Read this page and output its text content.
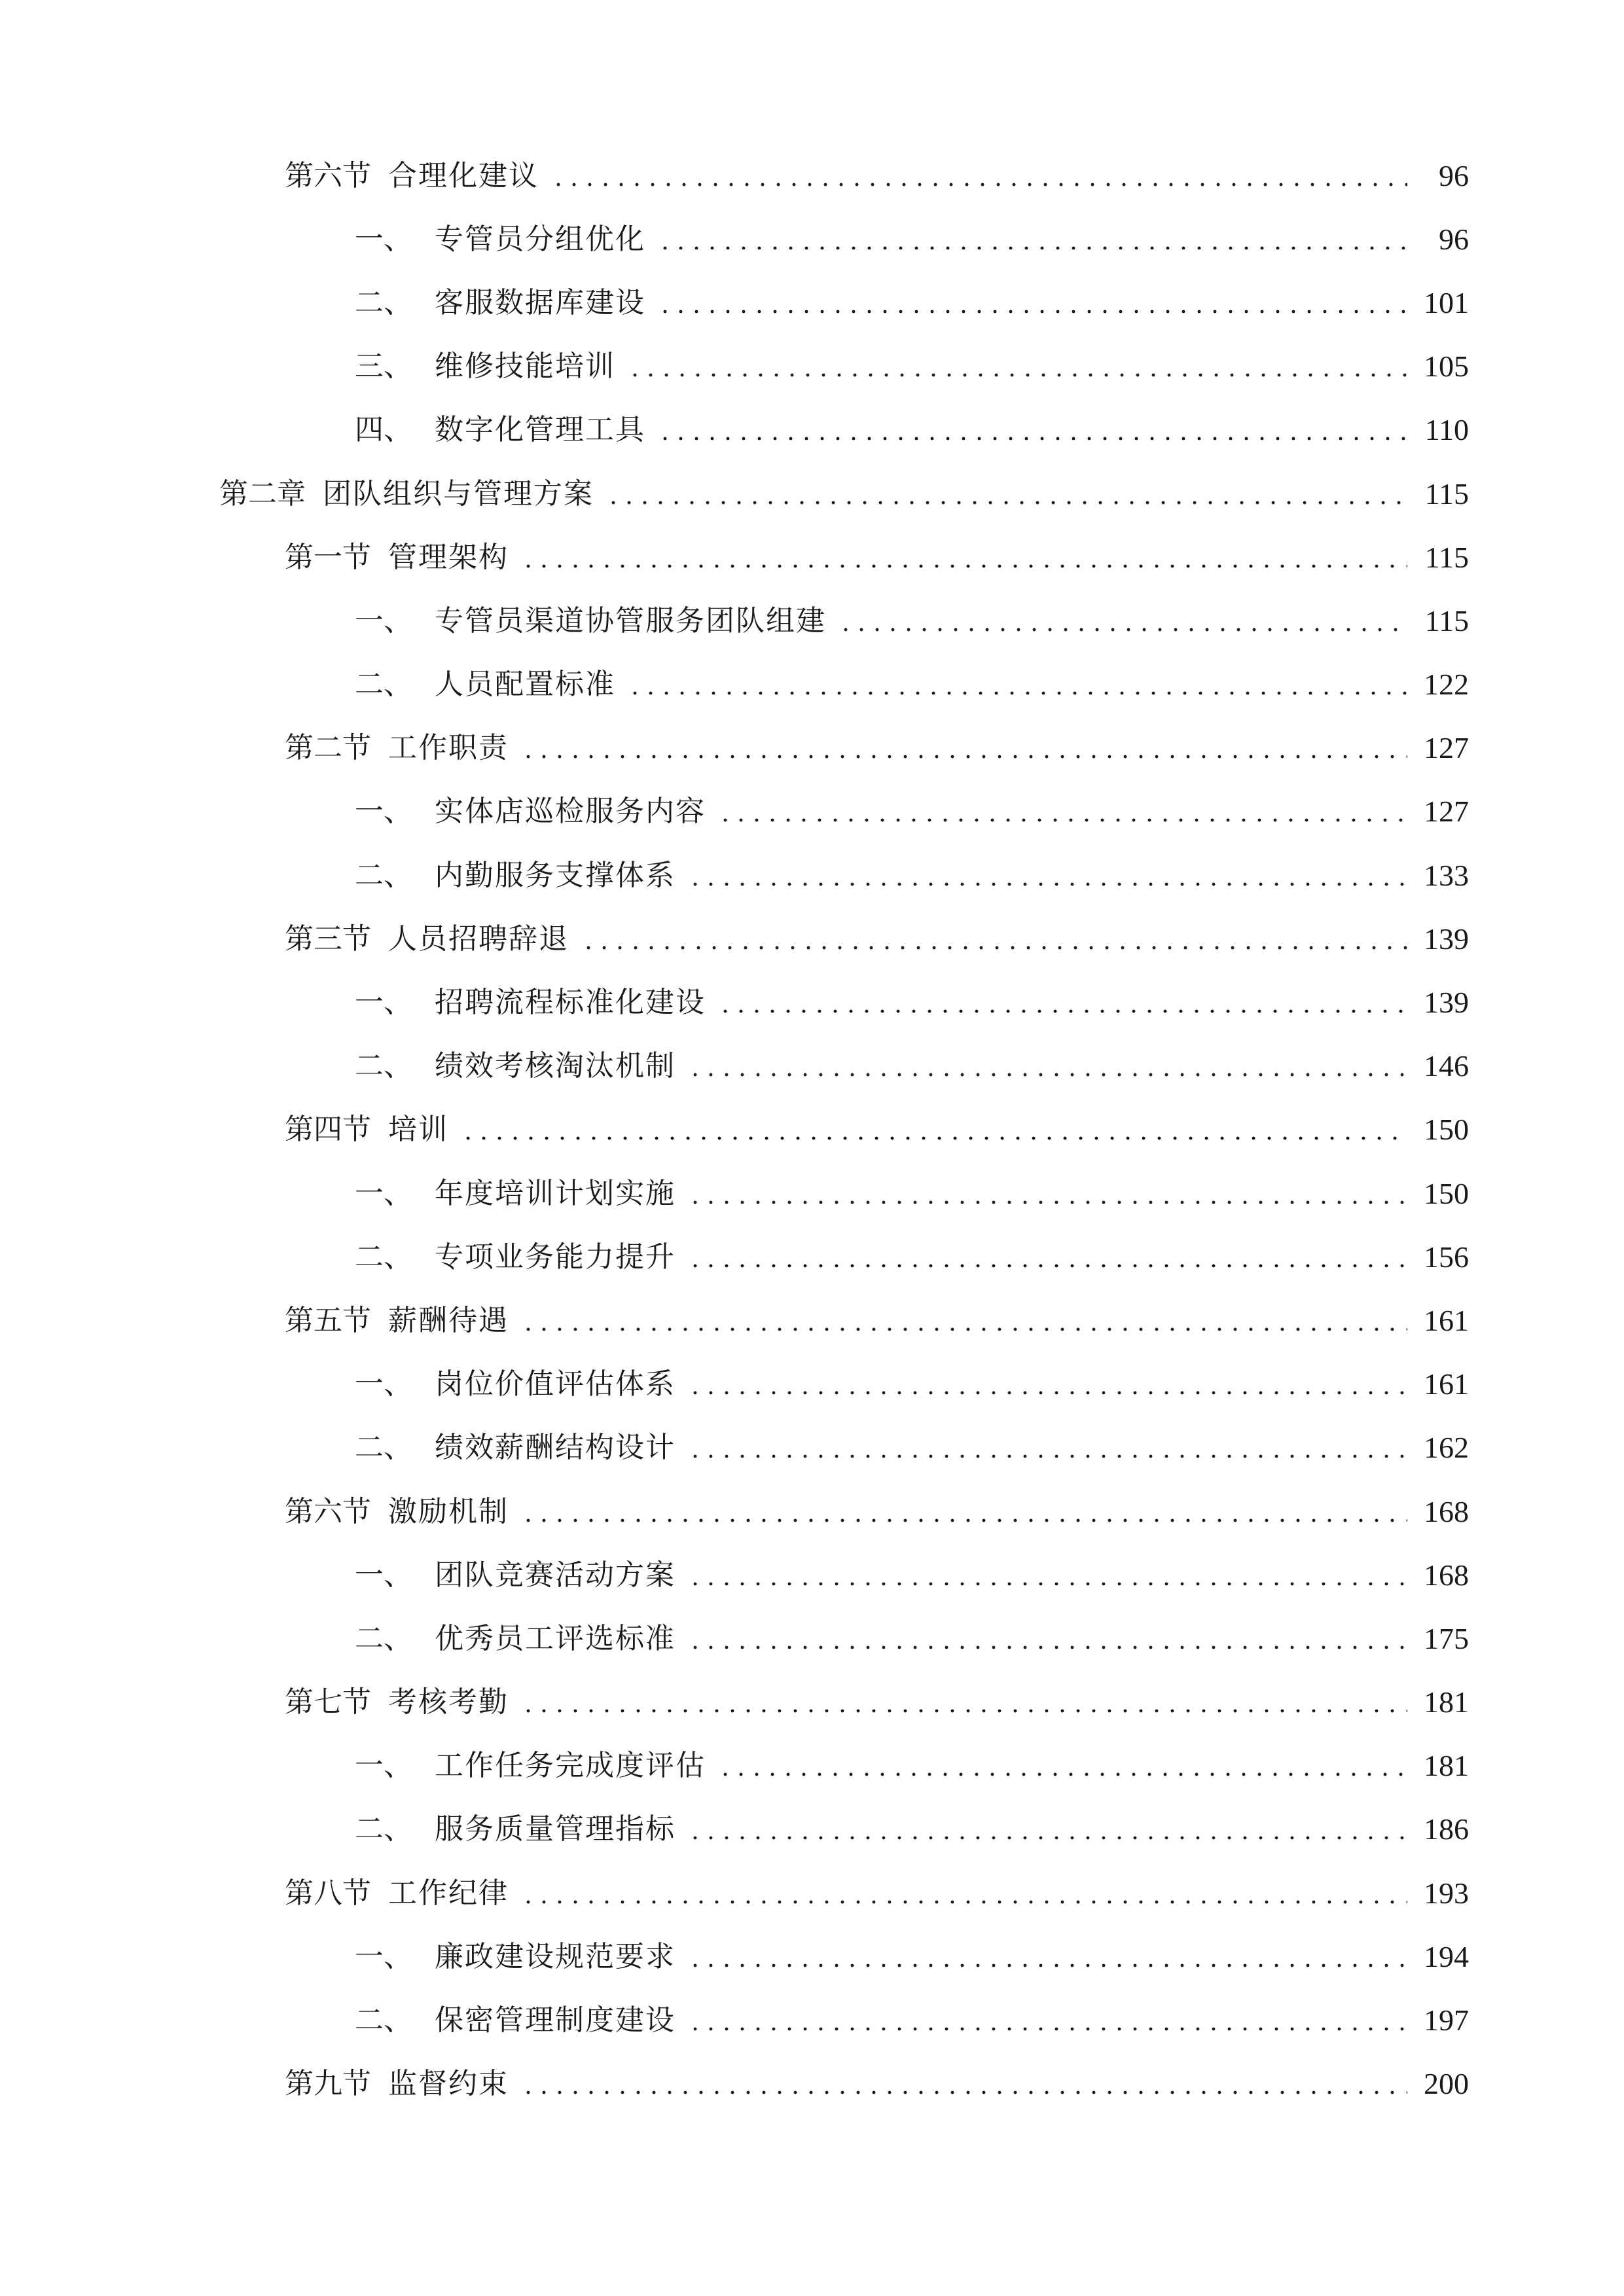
第六节 合理化建议	96
一、 专管员分组优化	96
二、 客服数据库建设	101
三、 维修技能培训	105
四、 数字化管理工具	110
第二章 团队组织与管理方案	115
第一节 管理架构	115
一、 专管员渠道协管服务团队组建	115
二、 人员配置标准	122
第二节 工作职责	127
一、 实体店巡检服务内容	127
二、 内勤服务支撑体系	133
第三节 人员招聘辞退	139
一、 招聘流程标准化建设	139
二、 绩效考核淘汰机制	146
第四节 培训	150
一、 年度培训计划实施	150
二、 专项业务能力提升	156
第五节 薪酬待遇	161
一、 岗位价值评估体系	161
二、 绩效薪酬结构设计	162
第六节 激励机制	168
一、 团队竞赛活动方案	168
二、 优秀员工评选标准	175
第七节 考核考勤	181
一、 工作任务完成度评估	181
二、 服务质量管理指标	186
第八节 工作纪律	193
一、 廉政建设规范要求	194
二、 保密管理制度建设	197
第九节 监督约束	200
